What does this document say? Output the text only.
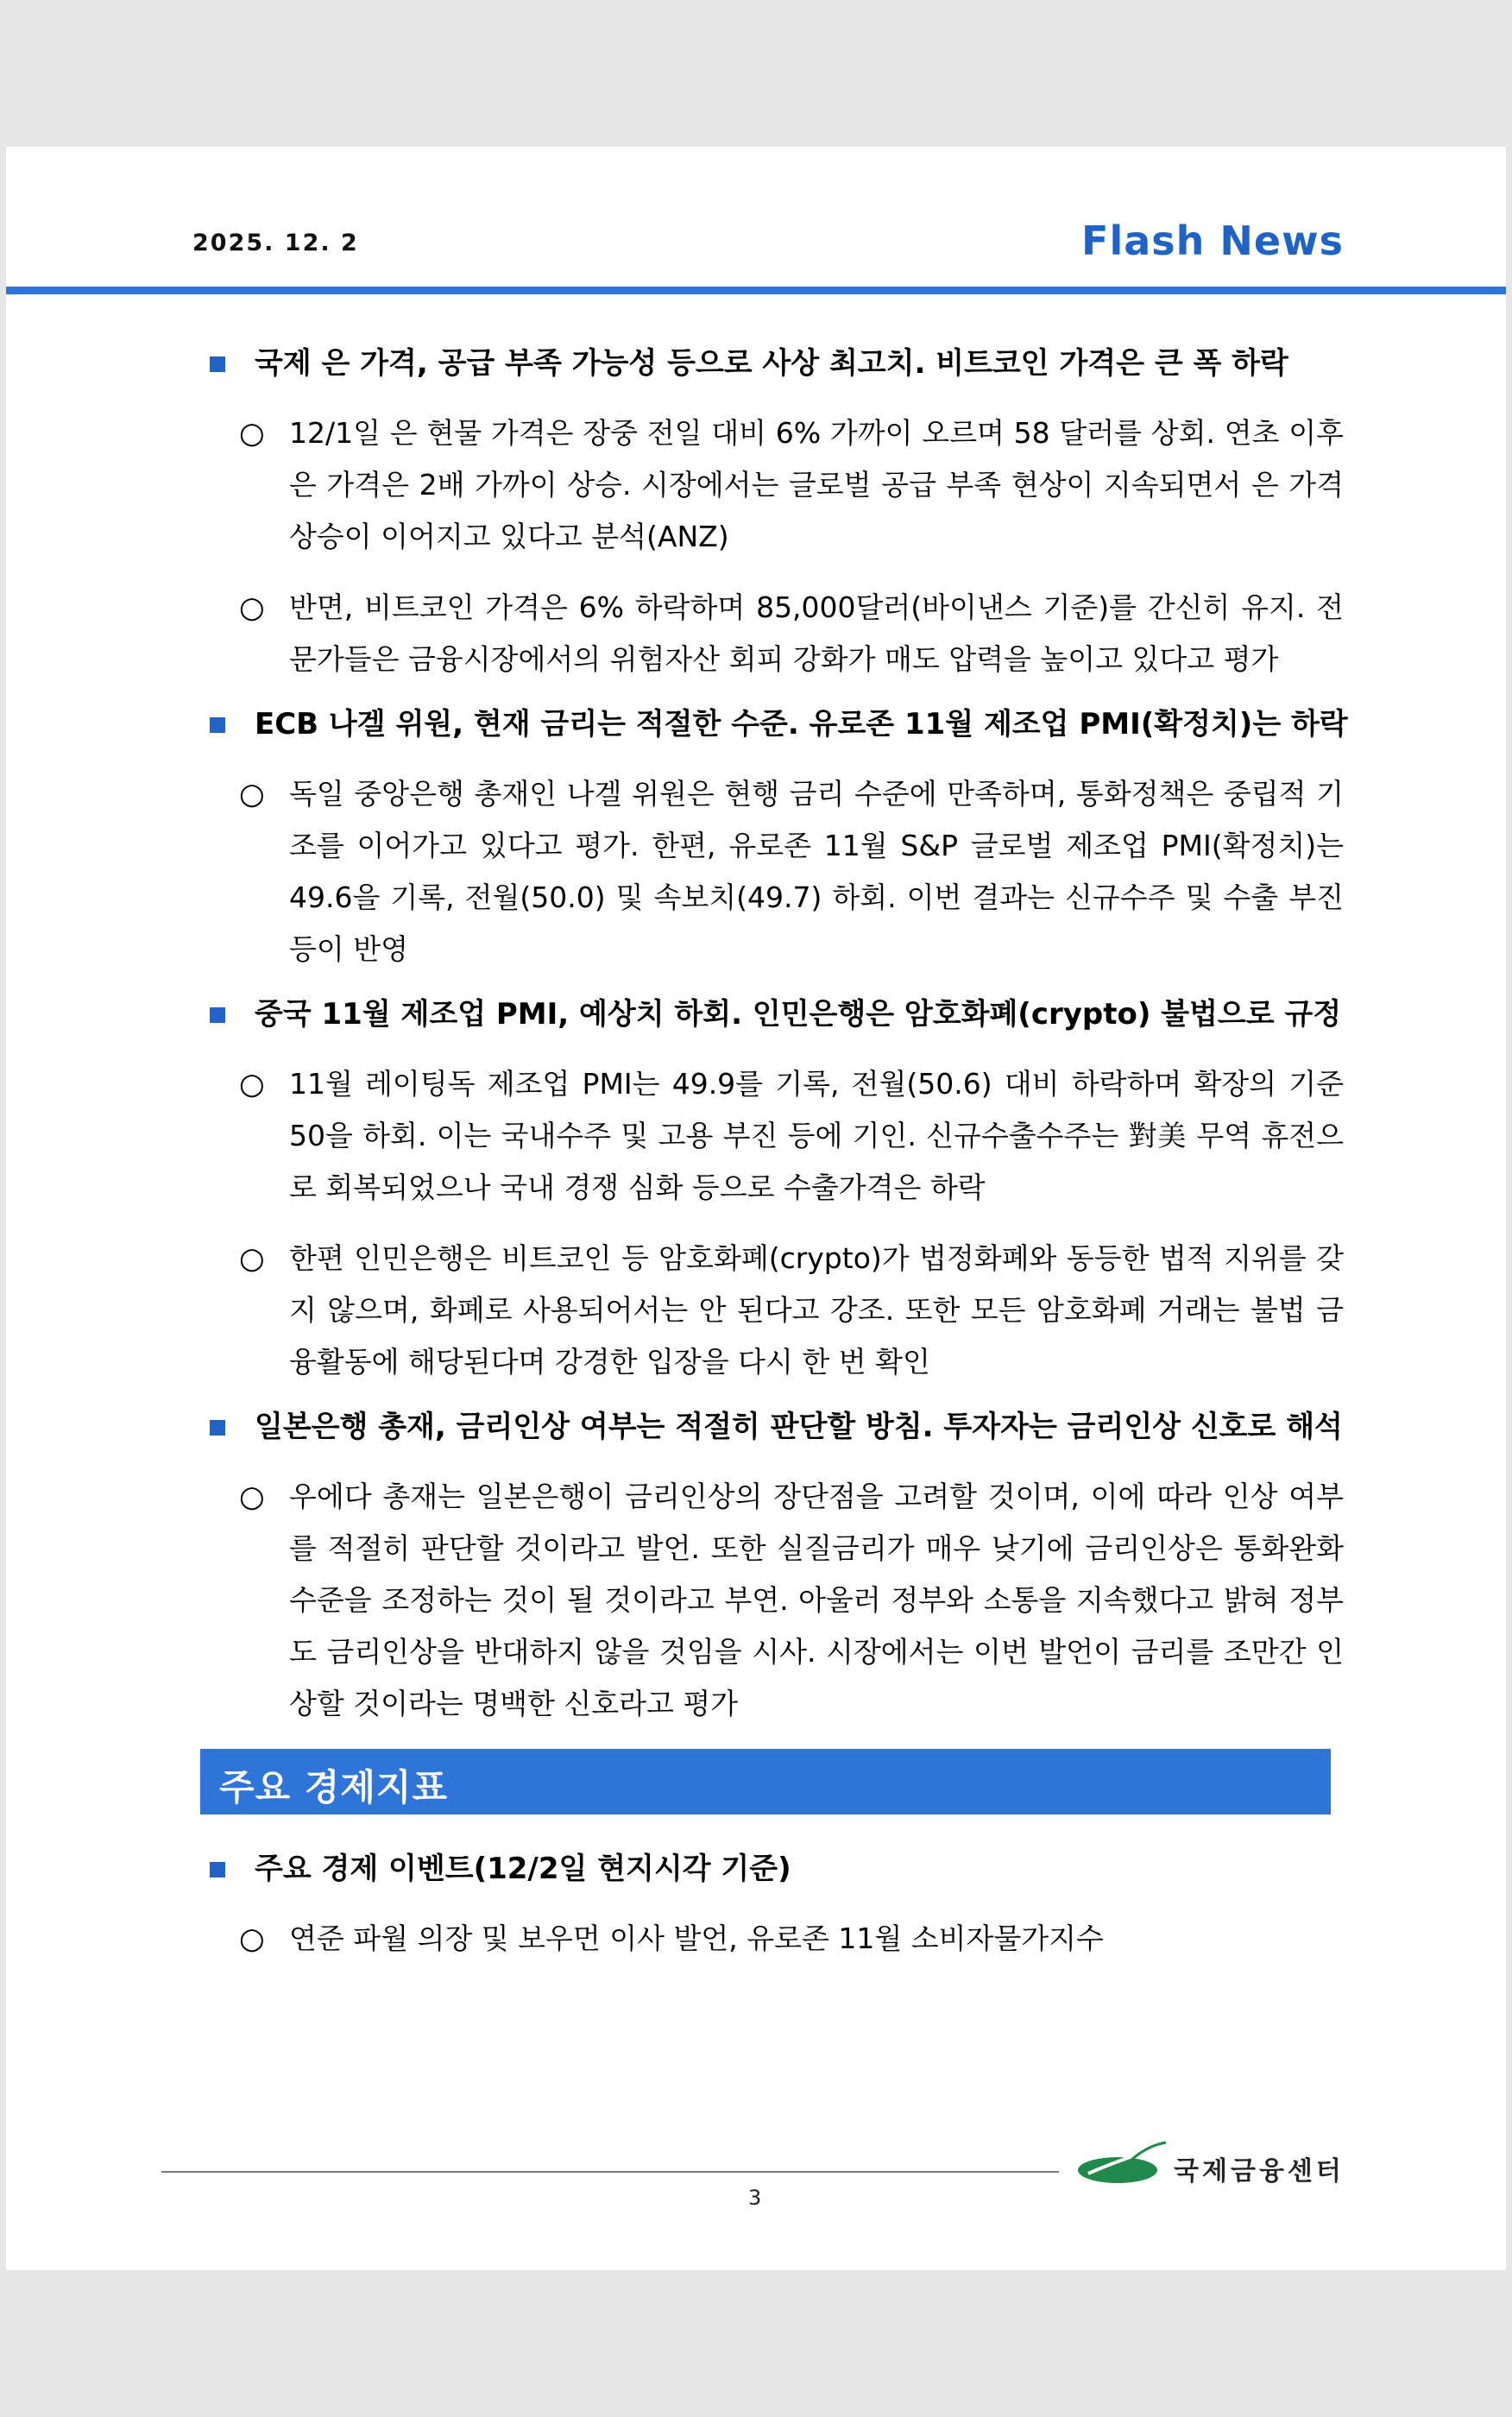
2025. 12. 2	Flash News
국제 은 가격, 공급 부족 가능성 등으로 사상 최고치. 비트코인 가격은 큰 폭 하락
○ 12/1일 은 현물 가격은 장중 전일 대비 6% 가까이 오르며 58 달러를 상회. 연초 이후 은 가격은 2배 가까이 상승. 시장에서는 글로벌 공급 부족 현상이 지속되면서 은 가격 상승이 이어지고 있다고 분석(ANZ)
○ 반면, 비트코인 가격은 6% 하락하며 85,000달러(바이낸스 기준)를 간신히 유지. 전문가들은 금융시장에서의 위험자산 회피 강화가 매도 압력을 높이고 있다고 평가
ECB 나겔 위원, 현재 금리는 적절한 수준. 유로존 11월 제조업 PMI(확정치)는 하락
○ 독일 중앙은행 총재인 나겔 위원은 현행 금리 수준에 만족하며, 통화정책은 중립적 기조를 이어가고 있다고 평가. 한편, 유로존 11월 S&P 글로벌 제조업 PMI(확정치)는 49.6을 기록, 전월(50.0) 및 속보치(49.7) 하회. 이번 결과는 신규수주 및 수출 부진 등이 반영
중국 11월 제조업 PMI, 예상치 하회. 인민은행은 암호화폐(crypto) 불법으로 규정
○ 11월 레이팅독 제조업 PMI는 49.9를 기록, 전월(50.6) 대비 하락하며 확장의 기준 50을 하회. 이는 국내수주 및 고용 부진 등에 기인. 신규수출수주는 對美 무역 휴전으로 회복되었으나 국내 경쟁 심화 등으로 수출가격은 하락
○ 한편 인민은행은 비트코인 등 암호화폐(crypto)가 법정화폐와 동등한 법적 지위를 갖지 않으며, 화폐로 사용되어서는 안 된다고 강조. 또한 모든 암호화폐 거래는 불법 금융활동에 해당된다며 강경한 입장을 다시 한 번 확인
일본은행 총재, 금리인상 여부는 적절히 판단할 방침. 투자자는 금리인상 신호로 해석
○ 우에다 총재는 일본은행이 금리인상의 장단점을 고려할 것이며, 이에 따라 인상 여부를 적절히 판단할 것이라고 발언. 또한 실질금리가 매우 낮기에 금리인상은 통화완화 수준을 조정하는 것이 될 것이라고 부연. 아울러 정부와 소통을 지속했다고 밝혀 정부도 금리인상을 반대하지 않을 것임을 시사. 시장에서는 이번 발언이 금리를 조만간 인상할 것이라는 명백한 신호라고 평가
주요 경제지표
주요 경제 이벤트(12/2일 현지시각 기준)
○ 연준 파월 의장 및 보우먼 이사 발언, 유로존 11월 소비자물가지수
국제금융센터
3
